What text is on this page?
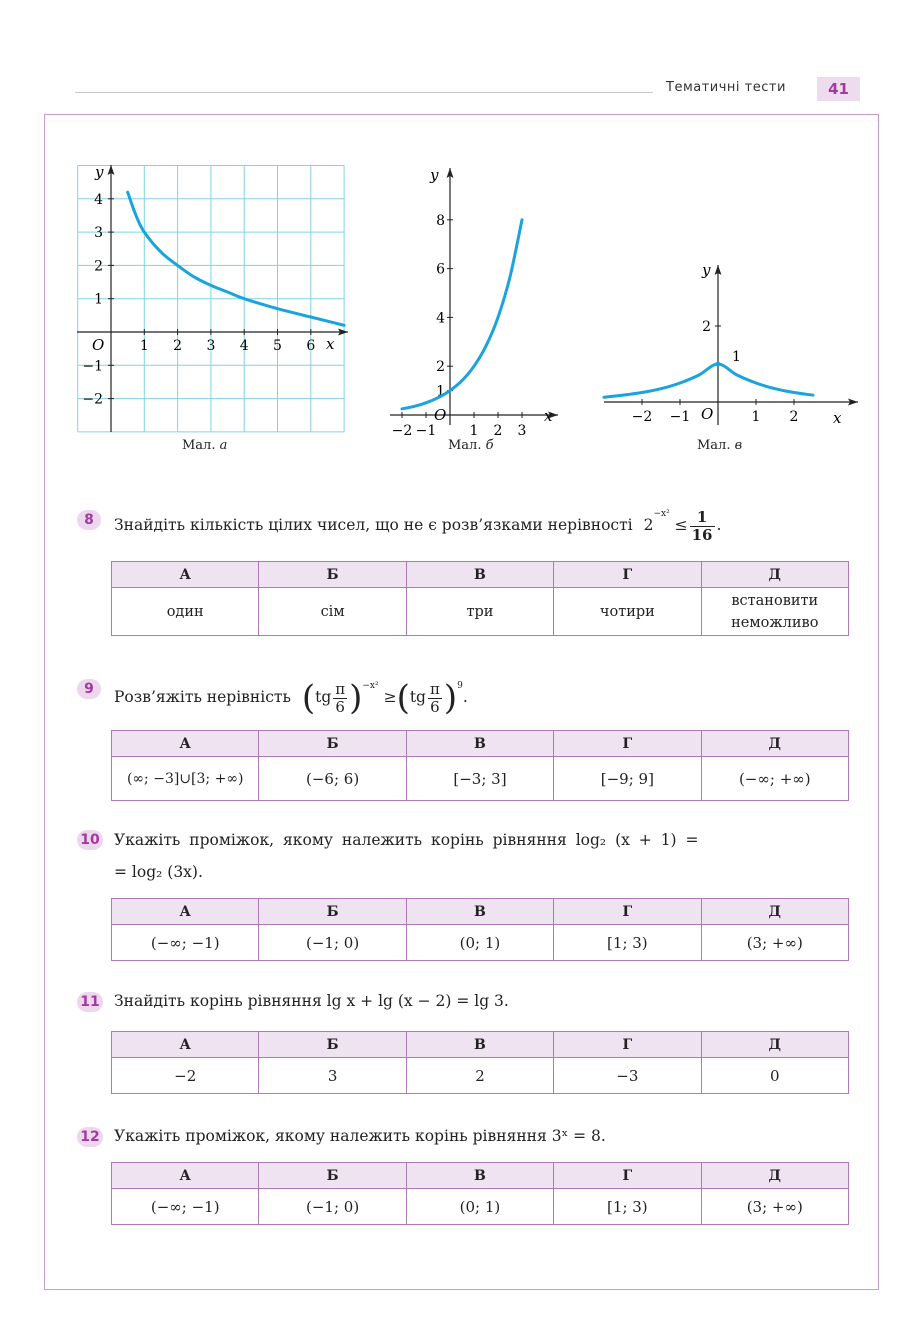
Тематичні тести	41
1 2 3 4 5 6
4
3
2
1
−1
−2
x
y
O
Мал. а
−2 −1 1 2 3
8
6
4
2
1
x
y
O
Мал. б
−2 −1	1 2
2
x
y
O
1
Мал. в
8	Знайдіть кількість цілих чисел, що не є розв’язками нерівності $2^{-x^2} \le \frac{1}{16}$ .
А	Б	В	Г	Д
один	сім	три	чотири	встановити неможливо
9	Розв’яжіть нерівність $(tg \frac{\pi}{6} )^{-x^2} \ge(tg \frac{\pi}{6} )^9$.
А	Б	В	Г	Д
(∞; −3]∪[3; +∞)	(−6; 6)	[−3; 3]	[−9; 9]	(−∞; +∞)
10 Укажіть проміжок, якому належить корінь рівняння log₂ (x + 1) =
= log₂ (3x).
А	Б	В	Г	Д
(−∞; −1)	(−1; 0)	(0; 1)	[1; 3)	(3; +∞)
11 Знайдіть корінь рівняння lg x + lg (x − 2) = lg 3.
А	Б	В	Г	Д
−2	3	2	−3	0
12 Укажіть проміжок, якому належить корінь рівняння 3ˣ = 8.
А	Б	В	Г	Д
(−∞; −1)	(−1; 0)	(0; 1)	[1; 3)	(3; +∞)
